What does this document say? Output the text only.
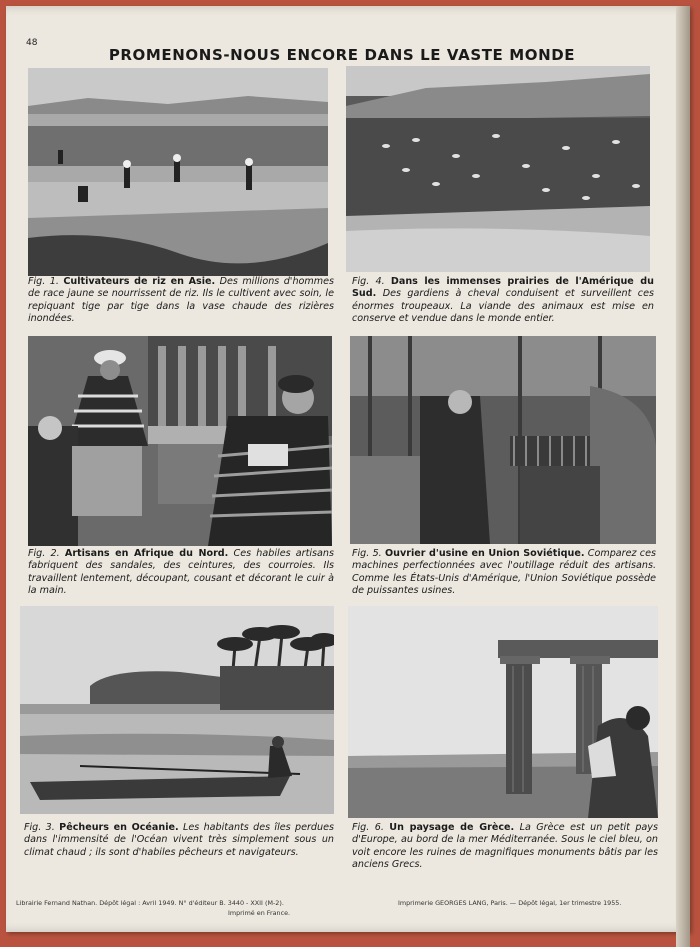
48
PROMENONS-NOUS ENCORE DANS LE VASTE MONDE
Fig. 1. Cultivateurs de riz en Asie. Des millions d'hommes de race jaune se nourrissent de riz. Ils le cultivent avec soin, le repiquant tige par tige dans la vase chaude des rizières inondées.
Fig. 4. Dans les immenses prairies de l'Amérique du Sud. Des gardiens à cheval conduisent et surveillent ces énormes troupeaux. La viande des animaux est mise en conserve et vendue dans le monde entier.
Fig. 2. Artisans en Afrique du Nord. Ces habiles artisans fabriquent des sandales, des ceintures, des courroies. Ils travaillent lentement, découpant, cousant et décorant le cuir à la main.
Fig. 5. Ouvrier d'usine en Union Soviétique. Comparez ces machines perfectionnées avec l'outillage réduit des artisans. Comme les États-Unis d'Amérique, l'Union Soviétique possède de puissantes usines.
Fig. 3. Pêcheurs en Océanie. Les habitants des îles perdues dans l'immensité de l'Océan vivent très simplement sous un climat chaud ; ils sont d'habiles pêcheurs et navigateurs.
Fig. 6. Un paysage de Grèce. La Grèce est un petit pays d'Europe, au bord de la mer Méditerranée. Sous le ciel bleu, on voit encore les ruines de magnifiques monuments bâtis par les anciens Grecs.
Librairie Fernand Nathan. Dépôt légal : Avril 1949. N° d'éditeur B. 3440 - XXII (M-2).
Imprimé en France.
Imprimerie GEORGES LANG, Paris. — Dépôt légal, 1er trimestre 1955.
